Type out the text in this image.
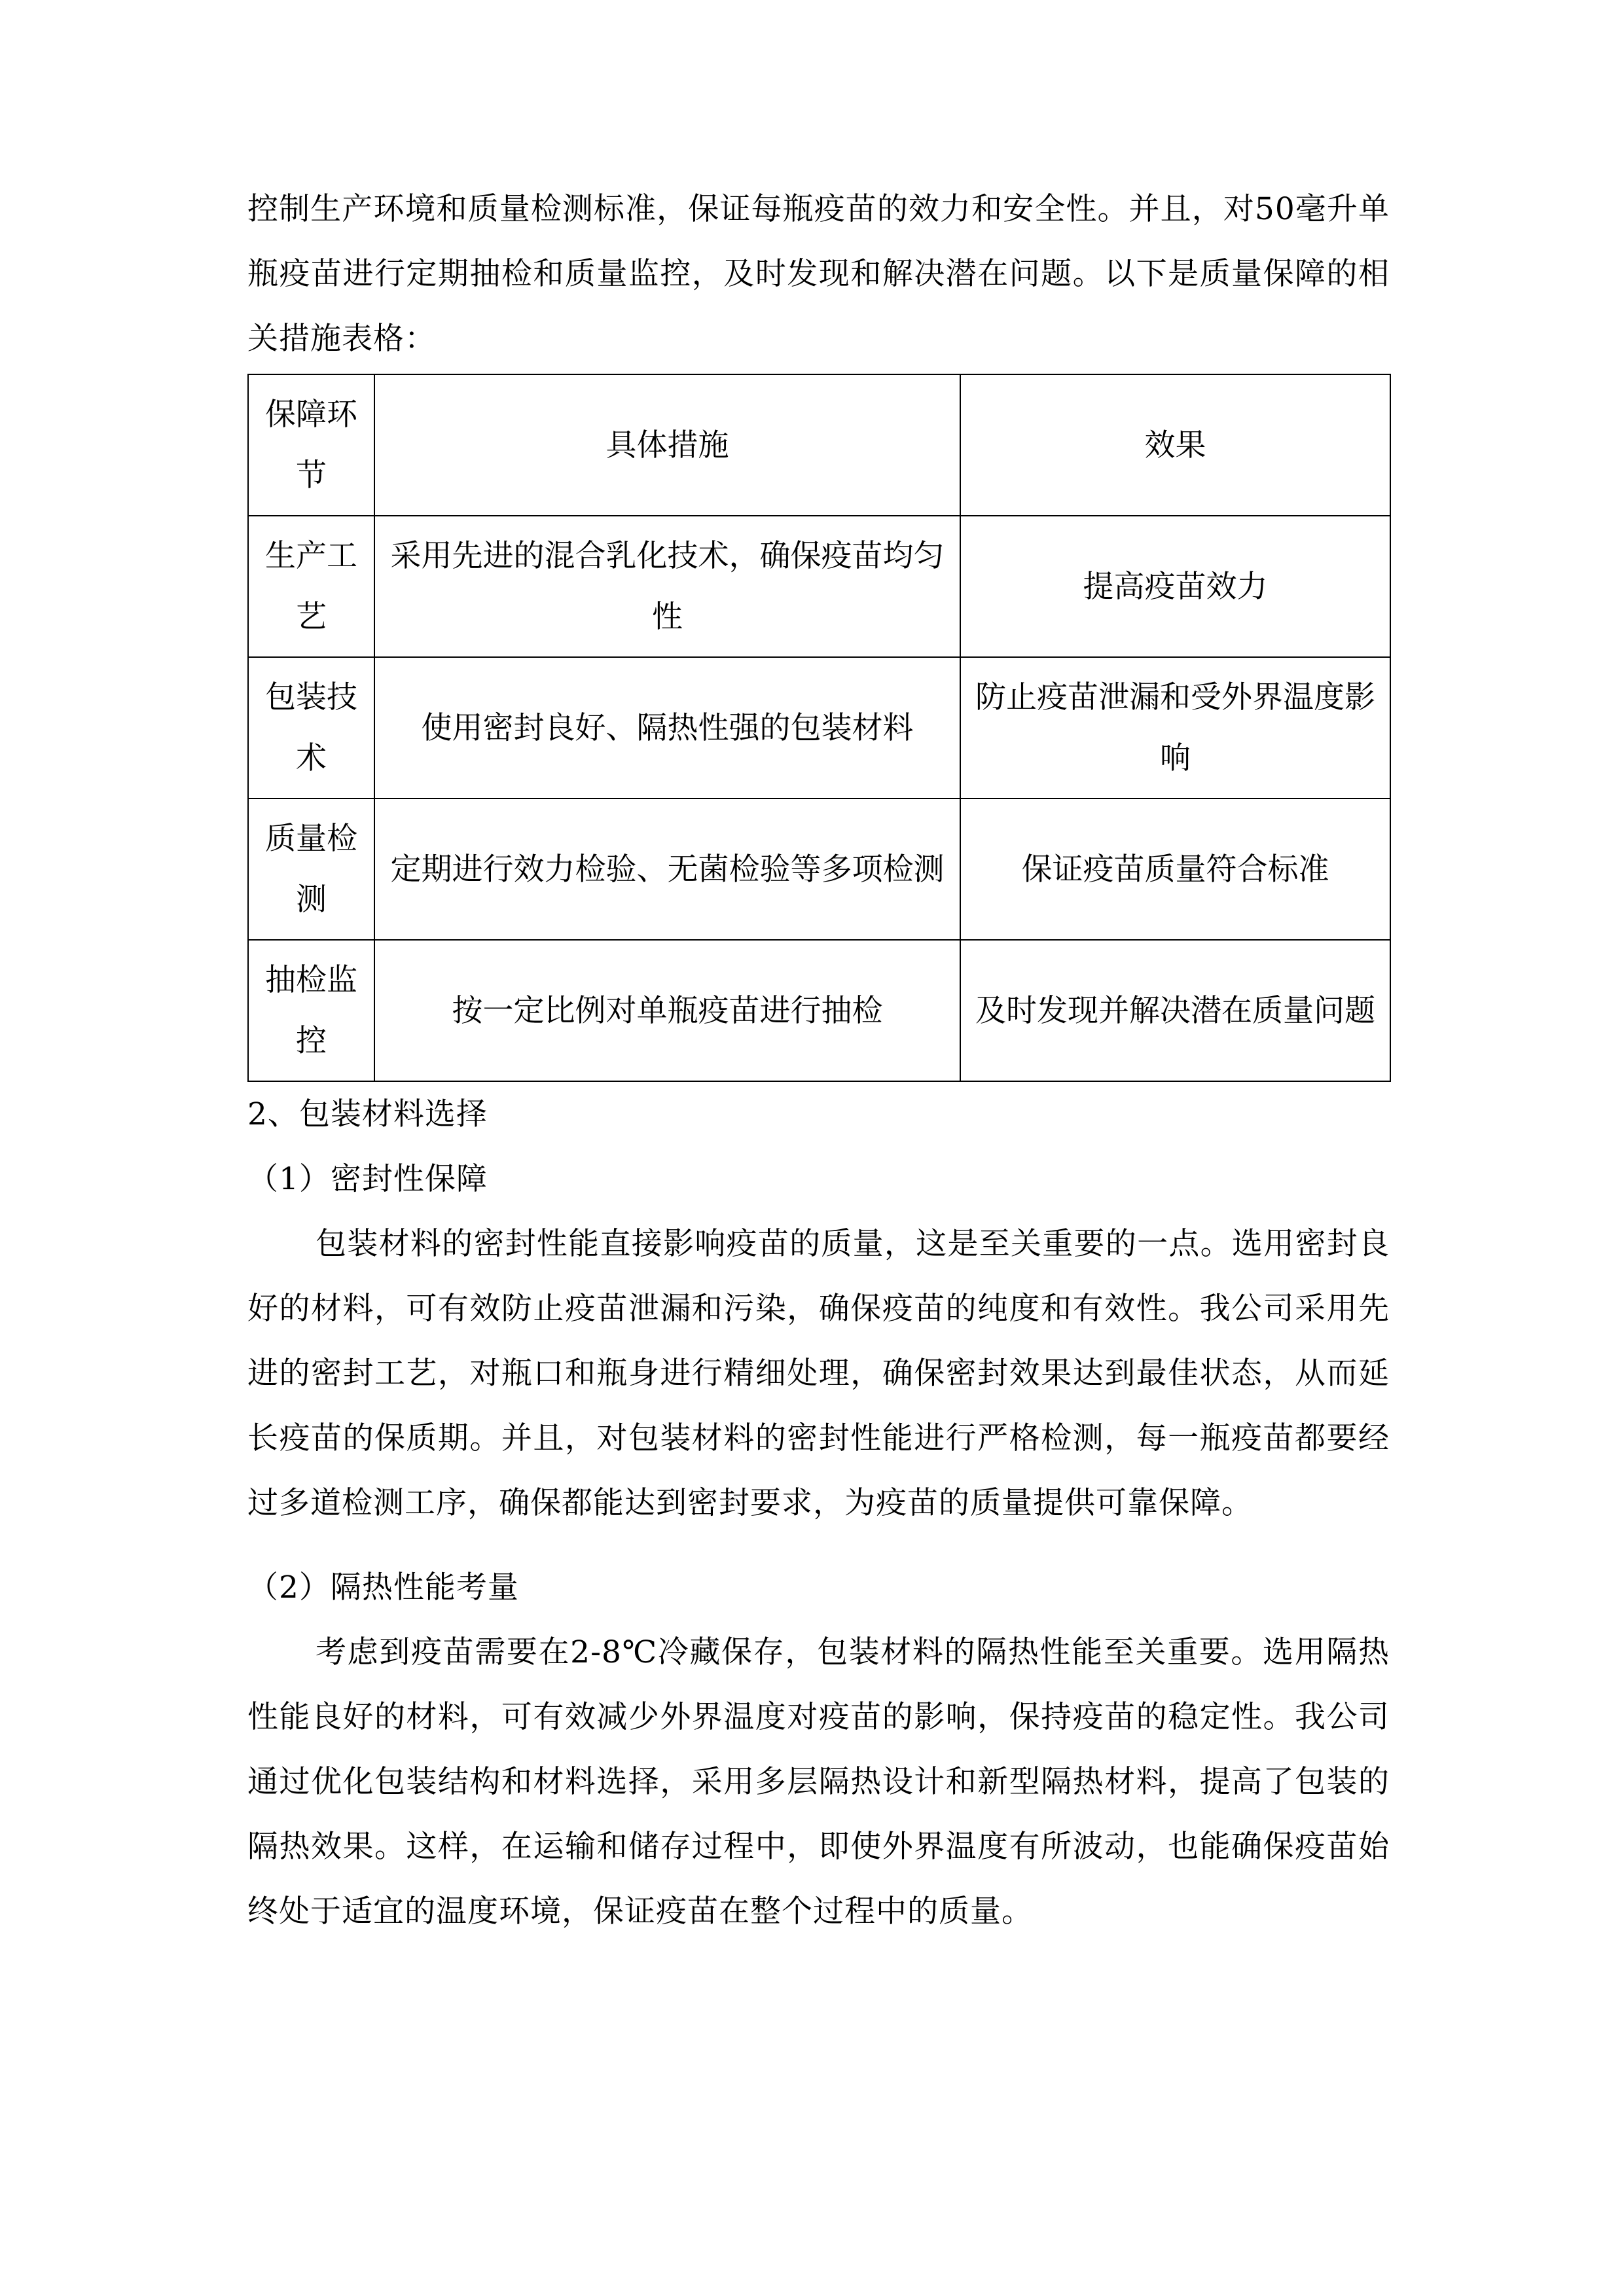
控制生产环境和质量检测标准，保证每瓶疫苗的效力和安全性。并且，对50毫升单瓶疫苗进行定期抽检和质量监控，及时发现和解决潜在问题。以下是质量保障的相关措施表格：

保障环节	具体措施	效果
生产工艺	采用先进的混合乳化技术，确保疫苗均匀性	提高疫苗效力
包装技术	使用密封良好、隔热性强的包装材料	防止疫苗泄漏和受外界温度影响
质量检测	定期进行效力检验、无菌检验等多项检测	保证疫苗质量符合标准
抽检监控	按一定比例对单瓶疫苗进行抽检	及时发现并解决潜在质量问题

2、包装材料选择

（1）密封性保障

包装材料的密封性能直接影响疫苗的质量，这是至关重要的一点。选用密封良好的材料，可有效防止疫苗泄漏和污染，确保疫苗的纯度和有效性。我公司采用先进的密封工艺，对瓶口和瓶身进行精细处理，确保密封效果达到最佳状态，从而延长疫苗的保质期。并且，对包装材料的密封性能进行严格检测，每一瓶疫苗都要经过多道检测工序，确保都能达到密封要求，为疫苗的质量提供可靠保障。

（2）隔热性能考量

考虑到疫苗需要在2-8℃冷藏保存，包装材料的隔热性能至关重要。选用隔热性能良好的材料，可有效减少外界温度对疫苗的影响，保持疫苗的稳定性。我公司通过优化包装结构和材料选择，采用多层隔热设计和新型隔热材料，提高了包装的隔热效果。这样，在运输和储存过程中，即使外界温度有所波动，也能确保疫苗始终处于适宜的温度环境，保证疫苗在整个过程中的质量。
